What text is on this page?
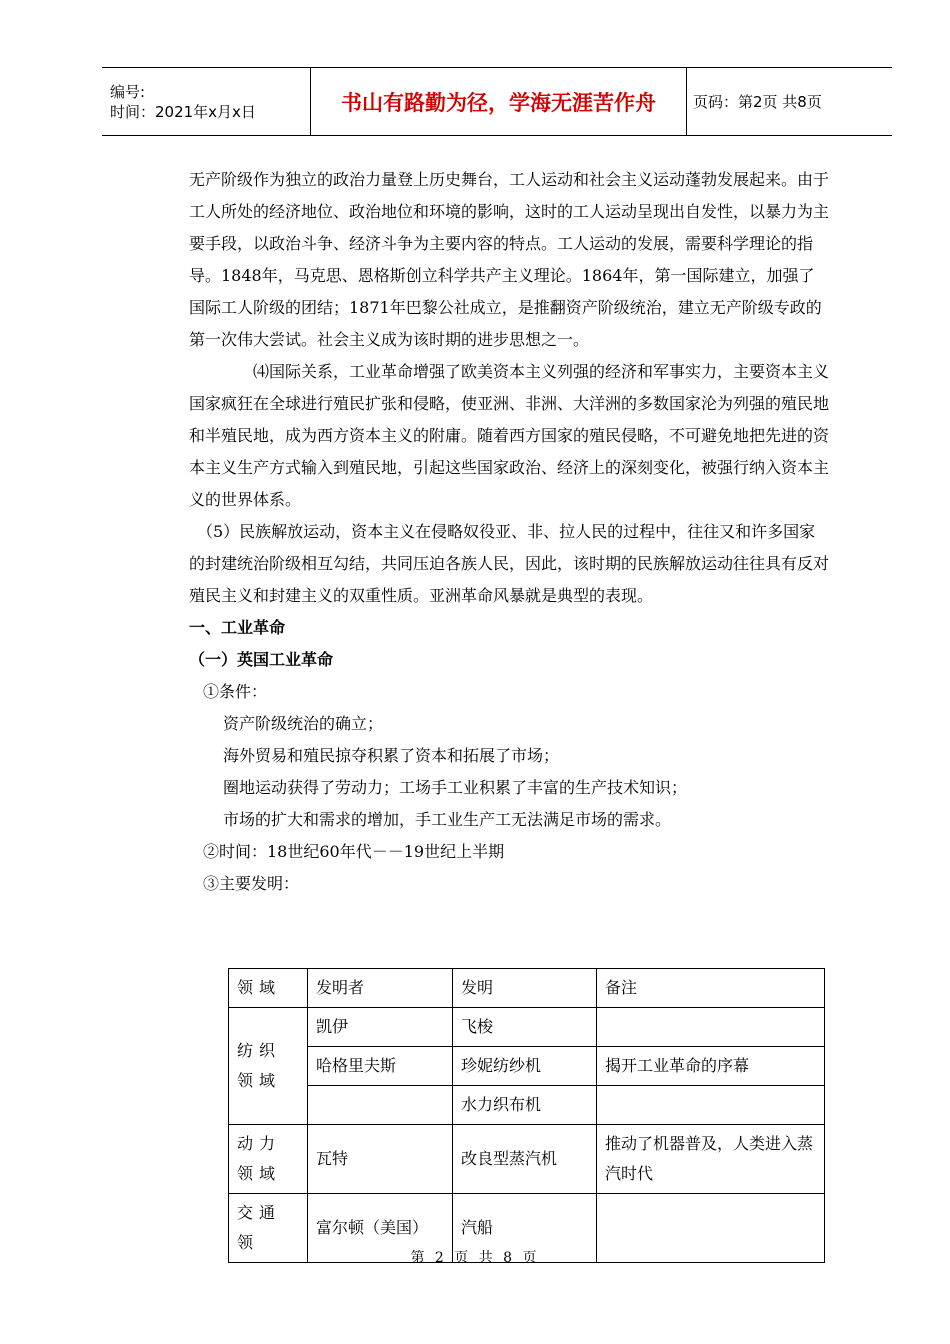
编号:
时间：2021年x月x日	书山有路勤为径，学海无涯苦作舟	页码：第2页 共8页

无产阶级作为独立的政治力量登上历史舞台，工人运动和社会主义运动蓬勃发展起来。由于工人所处的经济地位、政治地位和环境的影响，这时的工人运动呈现出自发性，以暴力为主要手段，以政治斗争、经济斗争为主要内容的特点。工人运动的发展，需要科学理论的指导。1848年，马克思、恩格斯创立科学共产主义理论。1864年，第一国际建立，加强了国际工人阶级的团结；1871年巴黎公社成立，是推翻资产阶级统治，建立无产阶级专政的第一次伟大尝试。社会主义成为该时期的进步思想之一。

⑷国际关系，工业革命增强了欧美资本主义列强的经济和军事实力，主要资本主义国家疯狂在全球进行殖民扩张和侵略，使亚洲、非洲、大洋洲的多数国家沦为列强的殖民地和半殖民地，成为西方资本主义的附庸。随着西方国家的殖民侵略，不可避免地把先进的资本主义生产方式输入到殖民地，引起这些国家政治、经济上的深刻变化，被强行纳入资本主义的世界体系。

（5）民族解放运动，资本主义在侵略奴役亚、非、拉人民的过程中，往往又和许多国家的封建统治阶级相互勾结，共同压迫各族人民，因此，该时期的民族解放运动往往具有反对殖民主义和封建主义的双重性质。亚洲革命风暴就是典型的表现。

一、工业革命

（一）英国工业革命

①条件：

资产阶级统治的确立；

海外贸易和殖民掠夺积累了资本和拓展了市场；

圈地运动获得了劳动力；工场手工业积累了丰富的生产技术知识；

市场的扩大和需求的增加，手工业生产工无法满足市场的需求。

②时间：18世纪60年代－－19世纪上半期

③主要发明：

领域	发明者	发明	备注
纺织领域	凯伊	飞梭	
	哈格里夫斯	珍妮纺纱机	揭开工业革命的序幕
		水力织布机	
动力领域	瓦特	改良型蒸汽机	推动了机器普及，人类进入蒸汽时代
交通领	富尔顿（美国）	汽船	
第 2 页 共 8 页
